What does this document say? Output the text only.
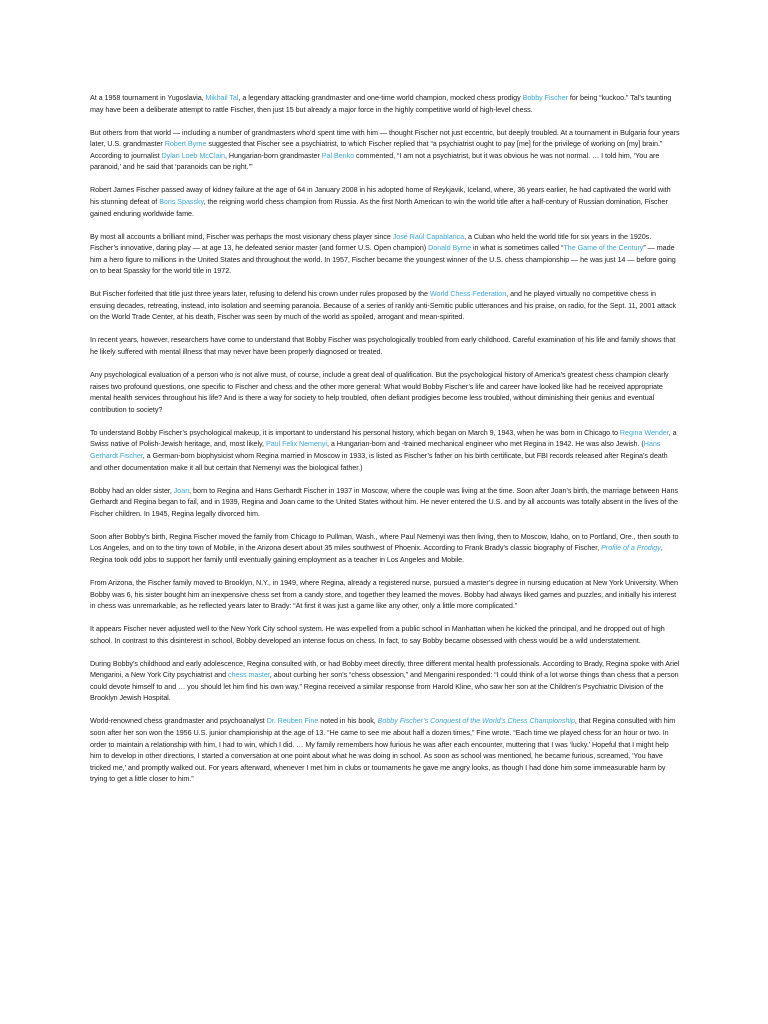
At a 1958 tournament in Yugoslavia, Mikhail Tal, a legendary attacking grandmaster and one-time world champion, mocked chess prodigy Bobby Fischer for being “kuckoo.” Tal’s taunting may have been a deliberate attempt to rattle Fischer, then just 15 but already a major force in the highly competitive world of high-level chess.

But others from that world — including a number of grandmasters who’d spent time with him — thought Fischer not just eccentric, but deeply troubled. At a tournament in Bulgaria four years later, U.S. grandmaster Robert Byrne suggested that Fischer see a psychiatrist, to which Fischer replied that “a psychiatrist ought to pay [me] for the privilege of working on [my] brain.” According to journalist Dylan Loeb McClain, Hungarian-born grandmaster Pal Benko commented, “I am not a psychiatrist, but it was obvious he was not normal. … I told him, ‘You are paranoid,’ and he said that ‘paranoids can be right.’”

Robert James Fischer passed away of kidney failure at the age of 64 in January 2008 in his adopted home of Reykjavik, Iceland, where, 36 years earlier, he had captivated the world with his stunning defeat of Boris Spassky, the reigning world chess champion from Russia. As the first North American to win the world title after a half-century of Russian domination, Fischer gained enduring worldwide fame.

By most all accounts a brilliant mind, Fischer was perhaps the most visionary chess player since José Raúl Capablanca, a Cuban who held the world title for six years in the 1920s. Fischer’s innovative, daring play — at age 13, he defeated senior master (and former U.S. Open champion) Donald Byrne in what is sometimes called “The Game of the Century” — made him a hero figure to millions in the United States and throughout the world. In 1957, Fischer became the youngest winner of the U.S. chess championship — he was just 14 — before going on to beat Spassky for the world title in 1972.

But Fischer forfeited that title just three years later, refusing to defend his crown under rules proposed by the World Chess Federation, and he played virtually no competitive chess in ensuing decades, retreating, instead, into isolation and seeming paranoia. Because of a series of rankly anti-Semitic public utterances and his praise, on radio, for the Sept. 11, 2001 attack on the World Trade Center, at his death, Fischer was seen by much of the world as spoiled, arrogant and mean-spirited.

In recent years, however, researchers have come to understand that Bobby Fischer was psychologically troubled from early childhood. Careful examination of his life and family shows that he likely suffered with mental illness that may never have been properly diagnosed or treated.

Any psychological evaluation of a person who is not alive must, of course, include a great deal of qualification. But the psychological history of America’s greatest chess champion clearly raises two profound questions, one specific to Fischer and chess and the other more general: What would Bobby Fischer’s life and career have looked like had he received appropriate mental health services throughout his life? And is there a way for society to help troubled, often defiant prodigies become less troubled, without diminishing their genius and eventual contribution to society?

To understand Bobby Fischer’s psychological makeup, it is important to understand his personal history, which began on March 9, 1943, when he was born in Chicago to Regina Wender, a Swiss native of Polish-Jewish heritage, and, most likely, Paul Felix Nemenyi, a Hungarian-born and -trained mechanical engineer who met Regina in 1942. He was also Jewish. (Hans Gerhardt Fischer, a German-born biophysicist whom Regina married in Moscow in 1933, is listed as Fischer’s father on his birth certificate, but FBI records released after Regina’s death and other documentation make it all but certain that Nemenyi was the biological father.)

Bobby had an older sister, Joan, born to Regina and Hans Gerhardt Fischer in 1937 in Moscow, where the couple was living at the time. Soon after Joan’s birth, the marriage between Hans Gerhardt and Regina began to fail, and in 1939, Regina and Joan came to the United States without him. He never entered the U.S. and by all accounts was totally absent in the lives of the Fischer children. In 1945, Regina legally divorced him.

Soon after Bobby’s birth, Regina Fischer moved the family from Chicago to Pullman, Wash., where Paul Nemenyi was then living, then to Moscow, Idaho, on to Portland, Ore., then south to Los Angeles, and on to the tiny town of Mobile, in the Arizona desert about 35 miles southwest of Phoenix. According to Frank Brady’s classic biography of Fischer, Profile of a Prodigy, Regina took odd jobs to support her family until eventually gaining employment as a teacher in Los Angeles and Mobile.

From Arizona, the Fischer family moved to Brooklyn, N.Y., in 1949, where Regina, already a registered nurse, pursued a master’s degree in nursing education at New York University. When Bobby was 6, his sister bought him an inexpensive chess set from a candy store, and together they learned the moves. Bobby had always liked games and puzzles, and initially his interest in chess was unremarkable, as he reflected years later to Brady: “At first it was just a game like any other, only a little more complicated.”

It appears Fischer never adjusted well to the New York City school system. He was expelled from a public school in Manhattan when he kicked the principal, and he dropped out of high school. In contrast to this disinterest in school, Bobby developed an intense focus on chess. In fact, to say Bobby became obsessed with chess would be a wild understatement.

During Bobby’s childhood and early adolescence, Regina consulted with, or had Bobby meet directly, three different mental health professionals. According to Brady, Regina spoke with Ariel Mengarini, a New York City psychiatrist and chess master, about curbing her son’s “chess obsession,” and Mengarini responded: “I could think of a lot worse things than chess that a person could devote himself to and … you should let him find his own way.” Regina received a similar response from Harold Kline, who saw her son at the Children’s Psychiatric Division of the Brooklyn Jewish Hospital.

World-renowned chess grandmaster and psychoanalyst Dr. Reuben Fine noted in his book, Bobby Fischer’s Conquest of the World’s Chess Championship, that Regina consulted with him soon after her son won the 1956 U.S. junior championship at the age of 13. “He came to see me about half a dozen times,” Fine wrote. “Each time we played chess for an hour or two. In order to maintain a relationship with him, I had to win, which I did. … My family remembers how furious he was after each encounter, muttering that I was ‘lucky.’ Hopeful that I might help him to develop in other directions, I started a conversation at one point about what he was doing in school. As soon as school was mentioned, he became furious, screamed, ‘You have tricked me,’ and promptly walked out. For years afterward, whenever I met him in clubs or tournaments he gave me angry looks, as though I had done him some immeasurable harm by trying to get a little closer to him.”
